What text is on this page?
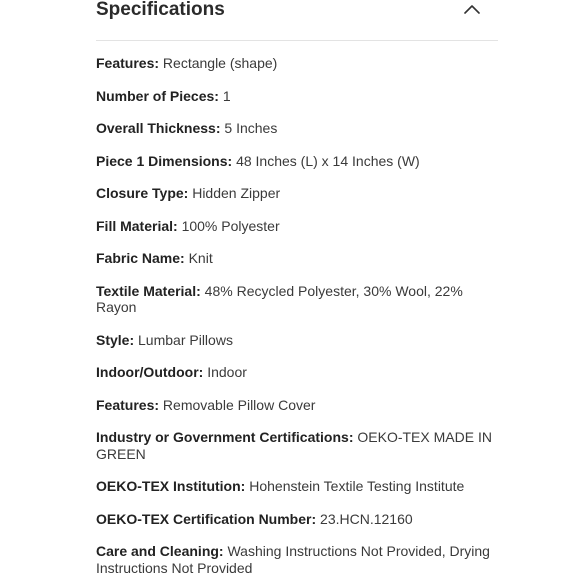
Specifications
Features: Rectangle (shape)
Number of Pieces: 1
Overall Thickness: 5 Inches
Piece 1 Dimensions: 48 Inches (L) x 14 Inches (W)
Closure Type: Hidden Zipper
Fill Material: 100% Polyester
Fabric Name: Knit
Textile Material: 48% Recycled Polyester, 30% Wool, 22% Rayon
Style: Lumbar Pillows
Indoor/Outdoor: Indoor
Features: Removable Pillow Cover
Industry or Government Certifications: OEKO-TEX MADE IN GREEN
OEKO-TEX Institution: Hohenstein Textile Testing Institute
OEKO-TEX Certification Number: 23.HCN.12160
Care and Cleaning: Washing Instructions Not Provided, Drying Instructions Not Provided
